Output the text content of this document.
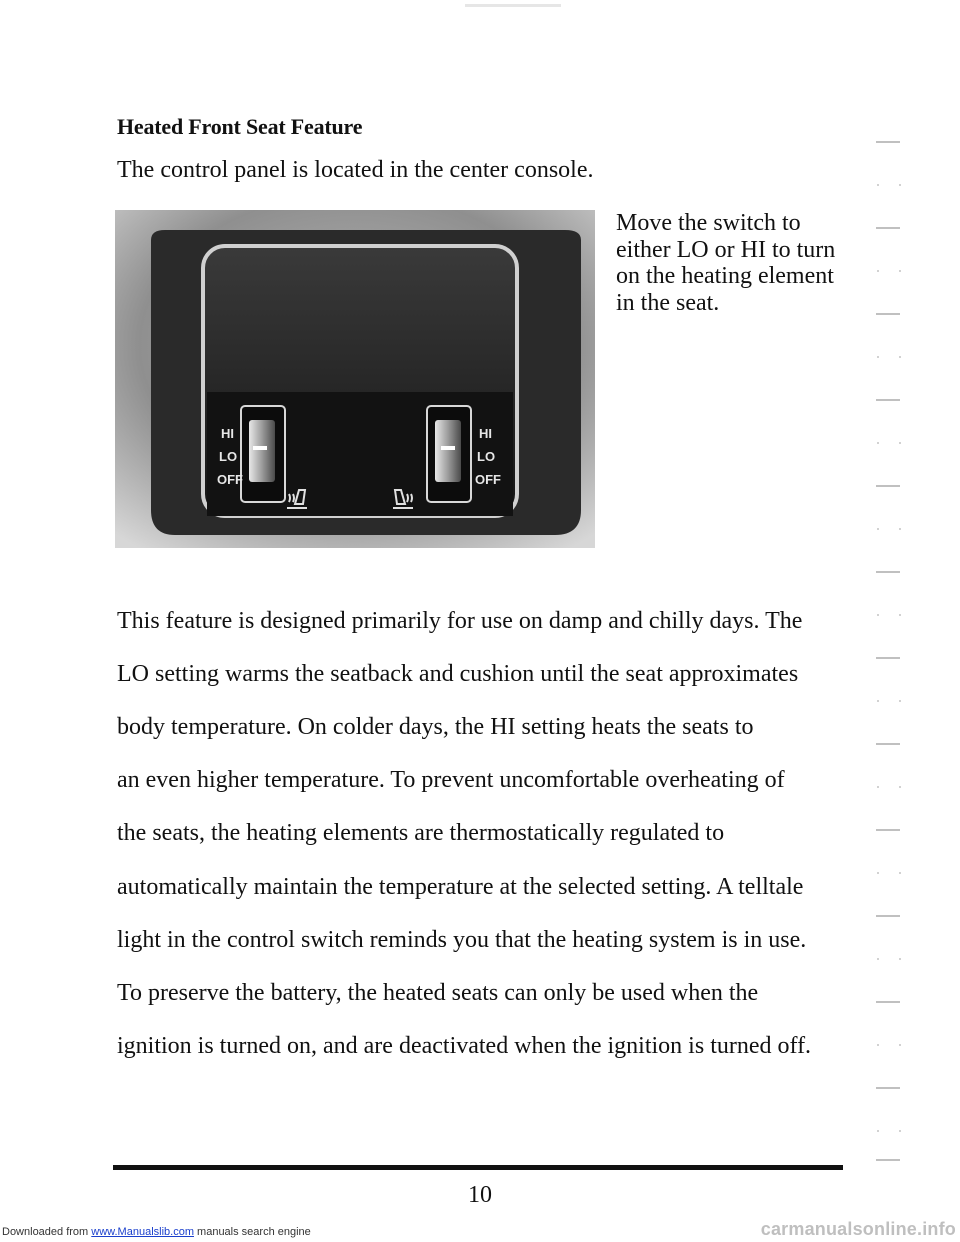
Heated Front Seat Feature
The control panel is located in the center console.
HI
LO
OFF
HI
LO
OFF
Move the switch to either LO or HI to turn on the heating element in the seat.

This feature is designed primarily for use on damp and chilly days. The

LO setting warms the seatback and cushion until the seat approximates

body temperature. On colder days, the HI setting heats the seats to

an even higher temperature. To prevent uncomfortable overheating of

the seats, the heating elements are thermostatically regulated to

automatically maintain the temperature at the selected setting. A telltale

light in the control switch reminds you that the heating system is in use.

To preserve the battery, the heated seats can only be used when the

ignition is turned on, and are deactivated when the ignition is turned off.

10
Downloaded from www.Manualslib.com manuals search engine	carmanualsonline.info
